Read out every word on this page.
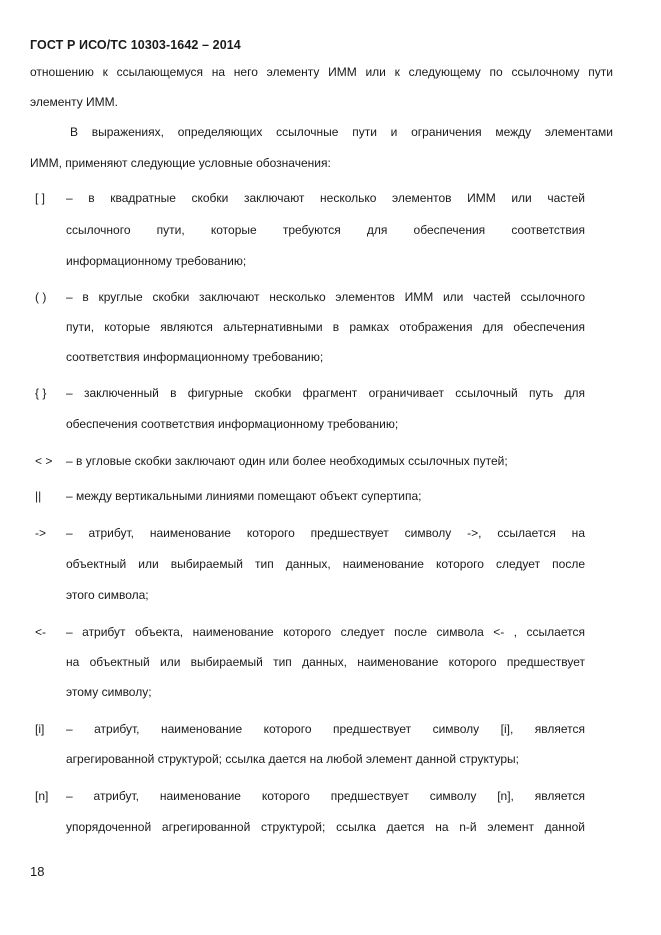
ГОСТ Р ИСО/ТС 10303-1642 – 2014
отношению к ссылающемуся на него элементу ИММ или к следующему по ссылочному пути
элементу ИММ.
В выражениях, определяющих ссылочные пути и ограничения между элементами
ИММ, применяют следующие условные обозначения:
[ ] – в квадратные скобки заключают несколько элементов ИММ или частей
ссылочного пути, которые требуются для обеспечения соответствия
информационному требованию;
( ) – в круглые скобки заключают несколько элементов ИММ или частей ссылочного
пути, которые являются альтернативными в рамках отображения для обеспечения
соответствия информационному требованию;
{ } – заключенный в фигурные скобки фрагмент ограничивает ссылочный путь для
обеспечения соответствия информационному требованию;
< > – в угловые скобки заключают один или более необходимых ссылочных путей;
|| – между вертикальными линиями помещают объект супертипа;
-> – атрибут, наименование которого предшествует символу ->, ссылается на
объектный или выбираемый тип данных, наименование которого следует после
этого символа;
<- – атрибут объекта, наименование которого следует после символа <- , ссылается
на объектный или выбираемый тип данных, наименование которого предшествует
этому символу;
[i] – атрибут, наименование которого предшествует символу [i], является
агрегированной структурой; ссылка дается на любой элемент данной структуры;
[n] – атрибут, наименование которого предшествует символу [n], является
упорядоченной агрегированной структурой; ссылка дается на n-й элемент данной
18
